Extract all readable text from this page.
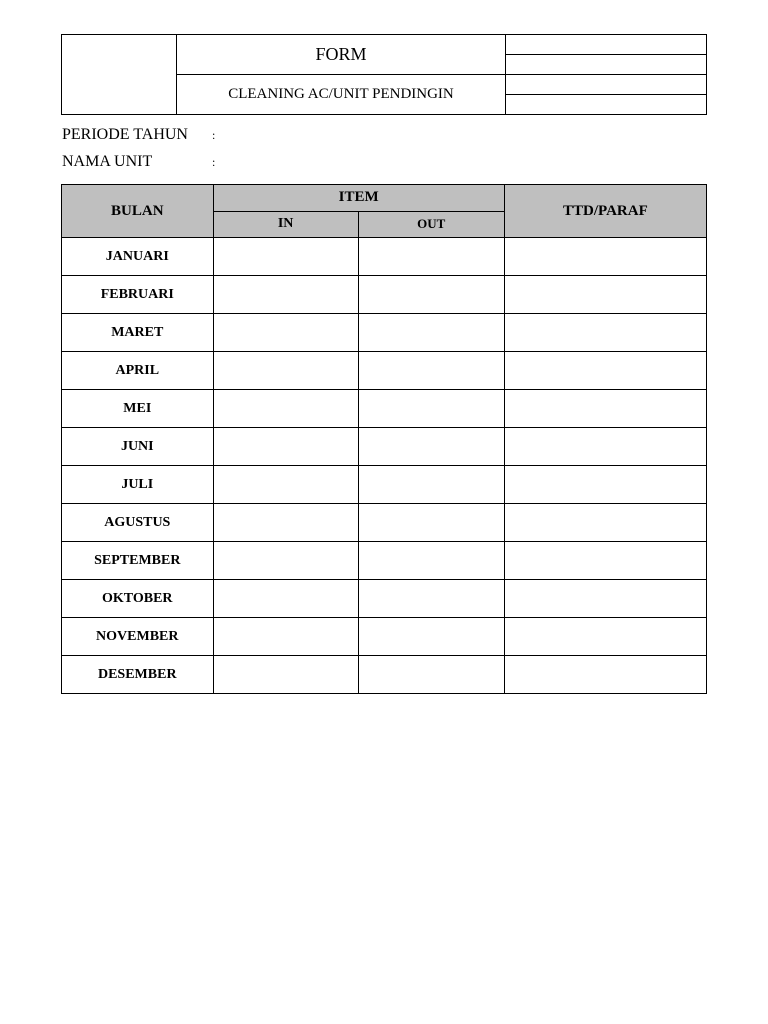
FORM
CLEANING AC/UNIT PENDINGIN
PERIODE TAHUN	:
NAMA UNIT	:
BULAN	ITEM		TTD/PARAF
	IN	OUT	
JANUARI			
FEBRUARI			
MARET			
APRIL			
MEI			
JUNI			
JULI			
AGUSTUS			
SEPTEMBER			
OKTOBER			
NOVEMBER			
DESEMBER			
